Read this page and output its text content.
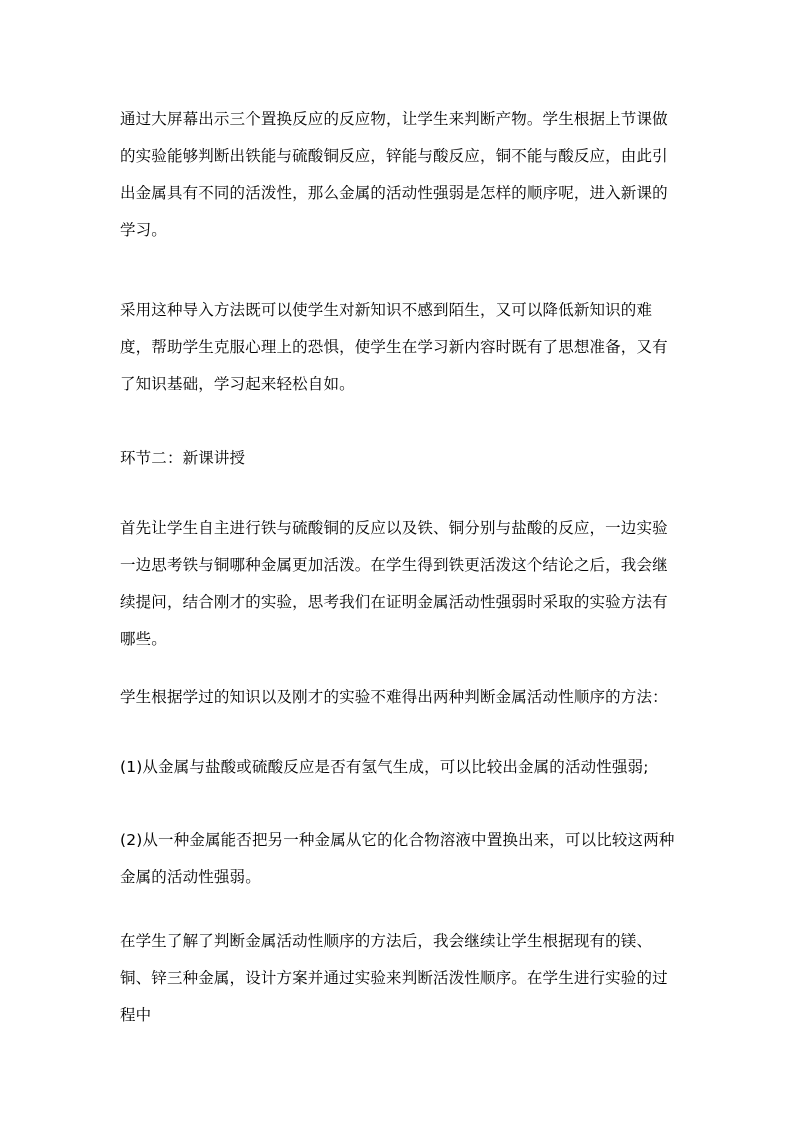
通过大屏幕出示三个置换反应的反应物，让学生来判断产物。学生根据上节课做的实验能够判断出铁能与硫酸铜反应，锌能与酸反应，铜不能与酸反应，由此引出金属具有不同的活泼性，那么金属的活动性强弱是怎样的顺序呢，进入新课的学习。

采用这种导入方法既可以使学生对新知识不感到陌生，又可以降低新知识的难度，帮助学生克服心理上的恐惧，使学生在学习新内容时既有了思想准备，又有了知识基础，学习起来轻松自如。

环节二：新课讲授

首先让学生自主进行铁与硫酸铜的反应以及铁、铜分别与盐酸的反应，一边实验一边思考铁与铜哪种金属更加活泼。在学生得到铁更活泼这个结论之后，我会继续提问，结合刚才的实验，思考我们在证明金属活动性强弱时采取的实验方法有哪些。

学生根据学过的知识以及刚才的实验不难得出两种判断金属活动性顺序的方法：

(1)从金属与盐酸或硫酸反应是否有氢气生成，可以比较出金属的活动性强弱;

(2)从一种金属能否把另一种金属从它的化合物溶液中置换出来，可以比较这两种金属的活动性强弱。

在学生了解了判断金属活动性顺序的方法后，我会继续让学生根据现有的镁、铜、锌三种金属，设计方案并通过实验来判断活泼性顺序。在学生进行实验的过程中
